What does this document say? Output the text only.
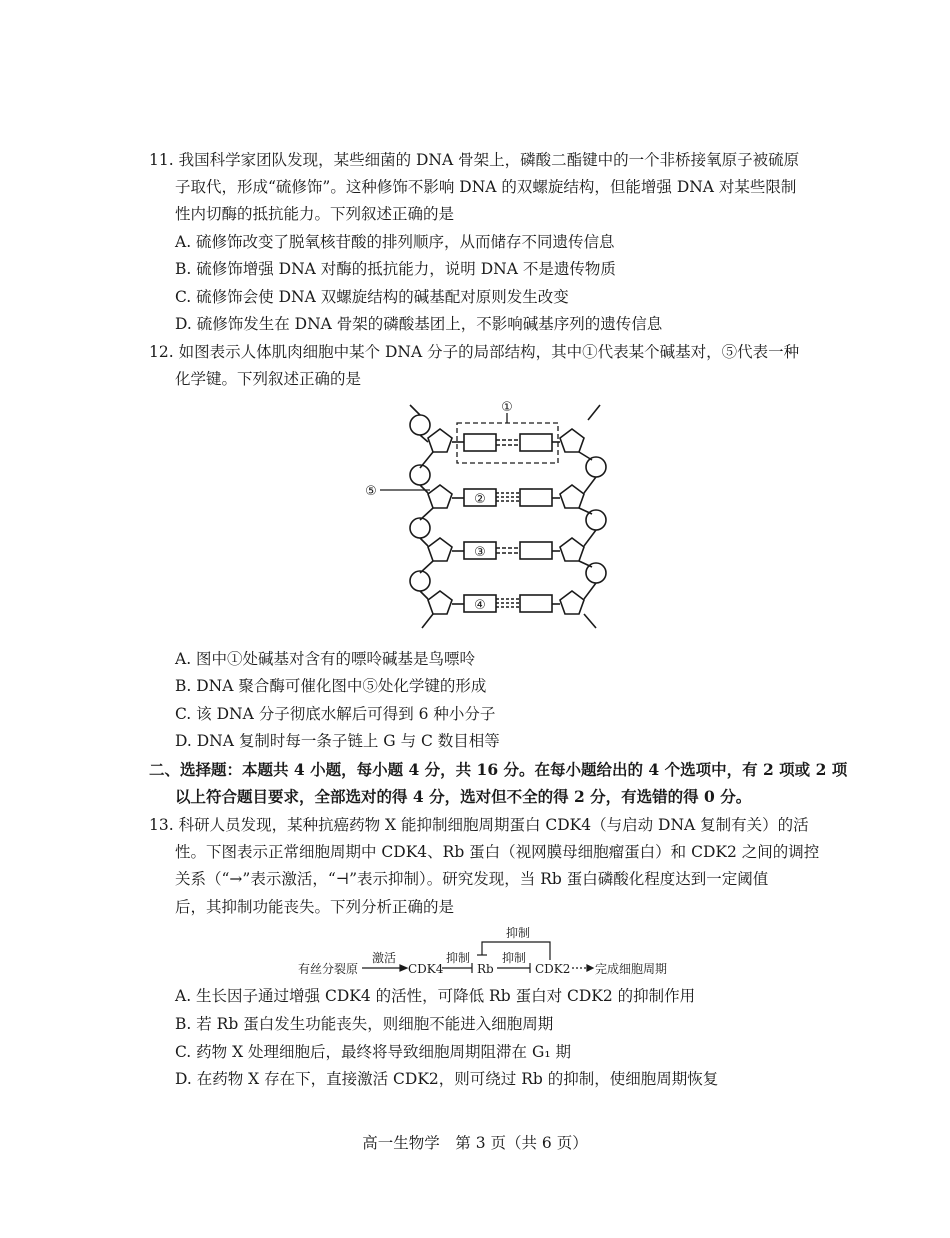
11. 我国科学家团队发现，某些细菌的 DNA 骨架上，磷酸二酯键中的一个非桥接氧原子被硫原
子取代，形成“硫修饰”。这种修饰不影响 DNA 的双螺旋结构，但能增强 DNA 对某些限制
性内切酶的抵抗能力。下列叙述正确的是
A. 硫修饰改变了脱氧核苷酸的排列顺序，从而储存不同遗传信息
B. 硫修饰增强 DNA 对酶的抵抗能力，说明 DNA 不是遗传物质
C. 硫修饰会使 DNA 双螺旋结构的碱基配对原则发生改变
D. 硫修饰发生在 DNA 骨架的磷酸基团上，不影响碱基序列的遗传信息
12. 如图表示人体肌肉细胞中某个 DNA 分子的局部结构，其中①代表某个碱基对，⑤代表一种
化学键。下列叙述正确的是
①
⑤
②
③
④
A. 图中①处碱基对含有的嘌呤碱基是鸟嘌呤
B. DNA 聚合酶可催化图中⑤处化学键的形成
C. 该 DNA 分子彻底水解后可得到 6 种小分子
D. DNA 复制时每一条子链上 G 与 C 数目相等
二、选择题：本题共 4 小题，每小题 4 分，共 16 分。在每小题给出的 4 个选项中，有 2 项或 2 项
以上符合题目要求，全部选对的得 4 分，选对但不全的得 2 分，有选错的得 0 分。
13. 科研人员发现，某种抗癌药物 X 能抑制细胞周期蛋白 CDK4（与启动 DNA 复制有关）的活
性。下图表示正常细胞周期中 CDK4、Rb 蛋白（视网膜母细胞瘤蛋白）和 CDK2 之间的调控
关系（“→”表示激活，“⊣”表示抑制）。研究发现，当 Rb 蛋白磷酸化程度达到一定阈值
后，其抑制功能丧失。下列分析正确的是
有丝分裂原
激活
CDK4
抑制
Rb
抑制
抑制
CDK2 完成细胞周期
A. 生长因子通过增强 CDK4 的活性，可降低 Rb 蛋白对 CDK2 的抑制作用
B. 若 Rb 蛋白发生功能丧失，则细胞不能进入细胞周期
C. 药物 X 处理细胞后，最终将导致细胞周期阻滞在 G₁ 期
D. 在药物 X 存在下，直接激活 CDK2，则可绕过 Rb 的抑制，使细胞周期恢复
高一生物学　第 3 页（共 6 页）
